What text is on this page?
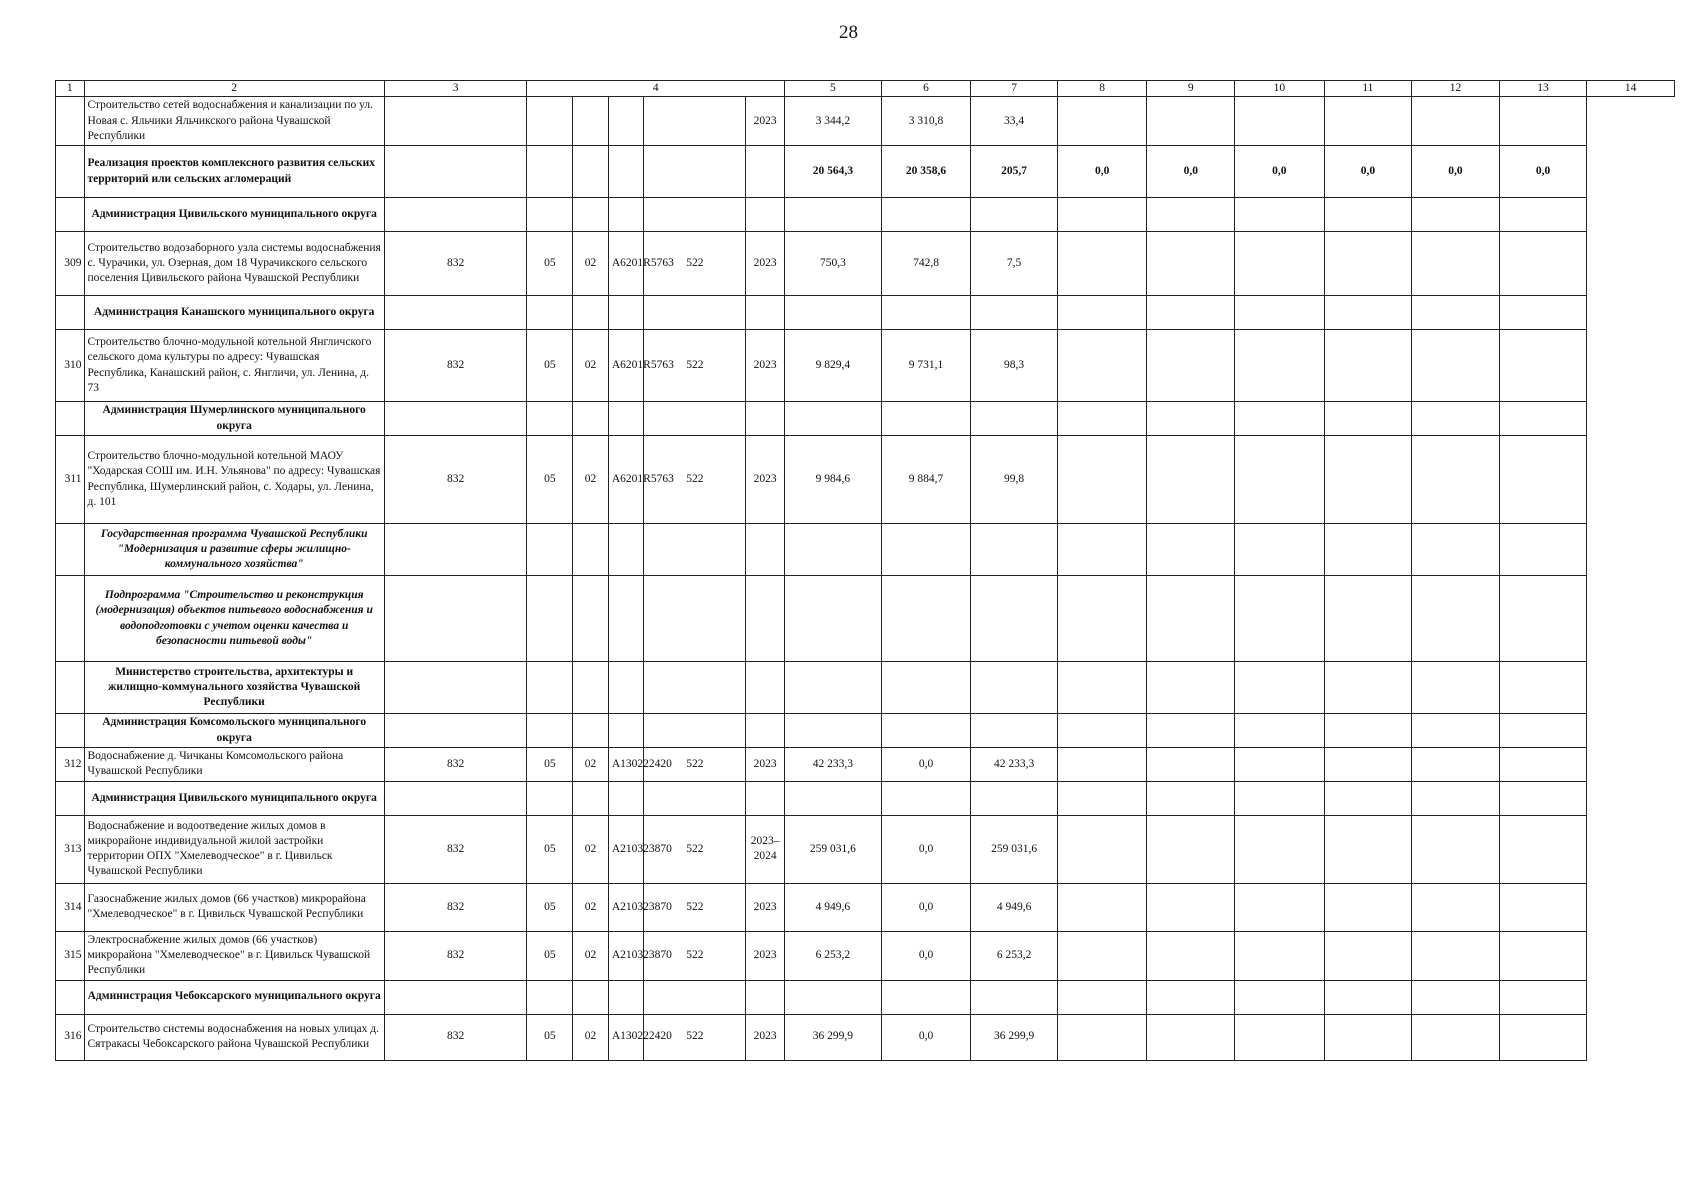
28
1	2	3	4					5	6	7	8	9	10	11	12	13	14
	Строительство сетей водоснабжения и канализации по ул. Новая с. Яльчики Яльчикского района Чувашской Республики						2023	3 344,2	3 310,8	33,4							
	Реализация проектов комплексного развития сельских территорий или сельских агломераций							20 564,3	20 358,6	205,7	0,0	0,0	0,0	0,0	0,0	0,0	
	Администрация Цивильского муниципального округа																
309	Строительство водозаборного узла системы водоснабжения с. Чурачики, ул. Озерная, дом 18 Чурачикского сельского поселения Цивильского района Чувашской Республики	832	05	02	А6201R5763	522	2023	750,3	742,8	7,5							
	Администрация Канашского муниципального округа																
310	Строительство блочно-модульной котельной Янгличского сельского дома культуры по адресу: Чувашская Республика, Канашский район, с. Янгличи, ул. Ленина, д. 73	832	05	02	А6201R5763	522	2023	9 829,4	9 731,1	98,3							
	Администрация Шумерлинского муниципального округа																
311	Строительство блочно-модульной котельной МАОУ "Ходарская СОШ им. И.Н. Ульянова" по адресу: Чувашская Республика, Шумерлинский район, с. Ходары, ул. Ленина, д. 101	832	05	02	А6201R5763	522	2023	9 984,6	9 884,7	99,8							
	Государственная программа Чувашской Республики "Модернизация и развитие сферы жилищно-коммунального хозяйства"																
	Подпрограмма "Строительство и реконструкция (модернизация) объектов питьевого водоснабжения и водоподготовки с учетом оценки качества и безопасности питьевой воды"																
	Министерство строительства, архитектуры и жилищно-коммунального хозяйства Чувашской Республики																
	Администрация Комсомольского муниципального округа																
312	Водоснабжение д. Чичканы Комсомольского района Чувашской Республики	832	05	02	А130222420	522	2023	42 233,3	0,0	42 233,3							
	Администрация Цивильского муниципального округа																
313	Водоснабжение и водоотведение жилых домов в микрорайоне индивидуальной жилой застройки территории ОПХ "Хмелеводческое" в г. Цивильск Чувашской Республики	832	05	02	А210323870	522	2023–2024	259 031,6	0,0	259 031,6							
314	Газоснабжение жилых домов (66 участков) микрорайона "Хмелеводческое" в г. Цивильск Чувашской Республики	832	05	02	А210323870	522	2023	4 949,6	0,0	4 949,6							
315	Электроснабжение жилых домов (66 участков) микрорайона "Хмелеводческое" в г. Цивильск Чувашской Республики	832	05	02	А210323870	522	2023	6 253,2	0,0	6 253,2							
	Администрация Чебоксарского муниципального округа																
316	Строительство системы водоснабжения на новых улицах д. Сятракасы Чебоксарского района Чувашской Республики	832	05	02	А130222420	522	2023	36 299,9	0,0	36 299,9							
